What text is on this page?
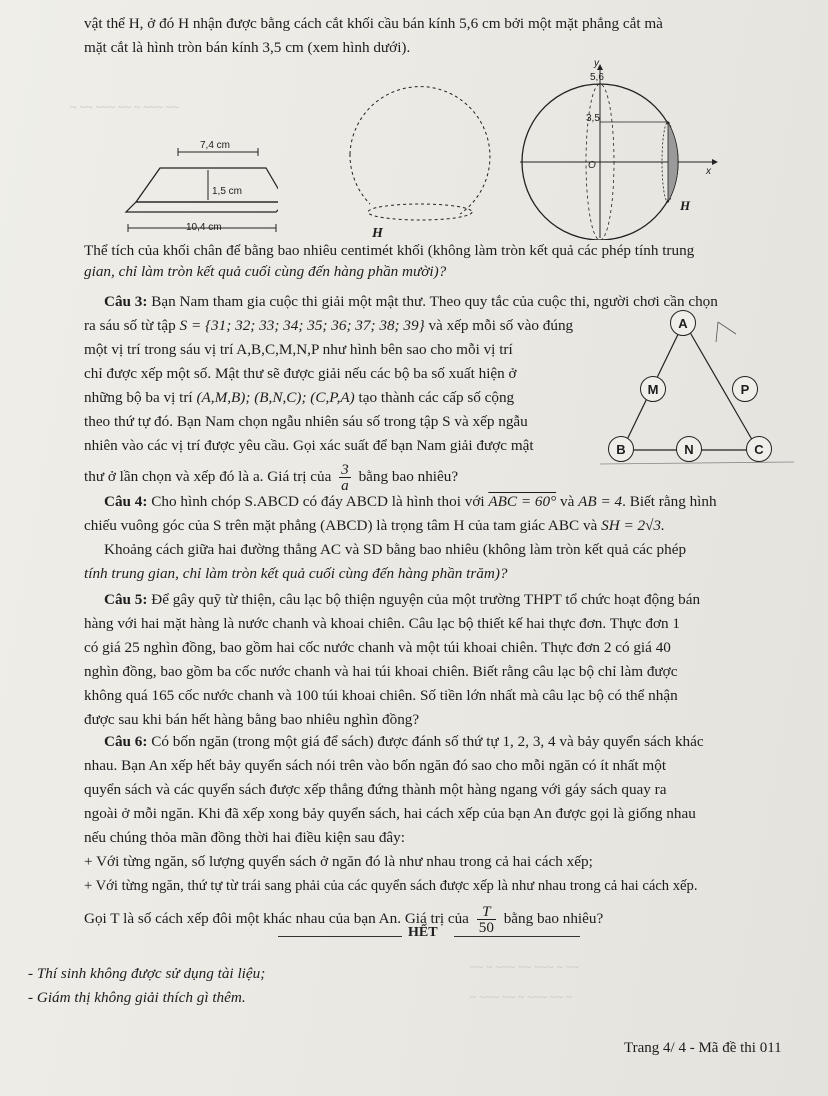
~ ~~ ~~~ ~~ ~ ~~~ ~~
~~ ~ ~~~ ~~ ~~~ ~ ~~
~ ~~~ ~~ ~ ~~~ ~~ ~
vật thể H, ở đó H nhận được bằng cách cắt khối cầu bán kính 5,6 cm bởi một mặt phẳng cắt mà
mặt cắt là hình tròn bán kính 3,5 cm (xem hình dưới).
7,4 cm
1,5 cm
10,4 cm	H
y
5,6
3,5
O
x
H
Thể tích của khối chân để bằng bao nhiêu centimét khối (không làm tròn kết quả các phép tính trung
gian, chỉ làm tròn kết quả cuối cùng đến hàng phần mười)?
Câu 3: Bạn Nam tham gia cuộc thi giải một mật thư. Theo quy tắc của cuộc thi, người chơi cần chọn
ra sáu số từ tập S = {31; 32; 33; 34; 35; 36; 37; 38; 39} và xếp mỗi số vào đúng
một vị trí trong sáu vị trí A,B,C,M,N,P như hình bên sao cho mỗi vị trí
chỉ được xếp một số. Mật thư sẽ được giải nếu các bộ ba số xuất hiện ở
những bộ ba vị trí (A,M,B); (B,N,C); (C,P,A) tạo thành các cấp số cộng
theo thứ tự đó. Bạn Nam chọn ngẫu nhiên sáu số trong tập S và xếp ngẫu
nhiên vào các vị trí được yêu cầu. Gọi xác suất để bạn Nam giải được mật
thư ở lần chọn và xếp đó là a. Giá trị của $\frac{3}{a}$ bằng bao nhiêu?
A
M	P
B	N	C
Câu 4: Cho hình chóp S.ABCD có đáy ABCD là hình thoi với ABC = 60° và AB = 4. Biết rằng hình
chiếu vuông góc của S trên mặt phẳng (ABCD) là trọng tâm H của tam giác ABC và SH = 2√3.
Khoảng cách giữa hai đường thẳng AC và SD bằng bao nhiêu (không làm tròn kết quả các phép
tính trung gian, chỉ làm tròn kết quả cuối cùng đến hàng phần trăm)?
Câu 5: Để gây quỹ từ thiện, câu lạc bộ thiện nguyện của một trường THPT tổ chức hoạt động bán
hàng với hai mặt hàng là nước chanh và khoai chiên. Câu lạc bộ thiết kế hai thực đơn. Thực đơn 1
có giá 25 nghìn đồng, bao gồm hai cốc nước chanh và một túi khoai chiên. Thực đơn 2 có giá 40
nghìn đồng, bao gồm ba cốc nước chanh và hai túi khoai chiên. Biết rằng câu lạc bộ chỉ làm được
không quá 165 cốc nước chanh và 100 túi khoai chiên. Số tiền lớn nhất mà câu lạc bộ có thể nhận
được sau khi bán hết hàng bằng bao nhiêu nghìn đồng?
Câu 6: Có bốn ngăn (trong một giá để sách) được đánh số thứ tự 1, 2, 3, 4 và bảy quyển sách khác
nhau. Bạn An xếp hết bảy quyển sách nói trên vào bốn ngăn đó sao cho mỗi ngăn có ít nhất một
quyển sách và các quyển sách được xếp thẳng đứng thành một hàng ngang với gáy sách quay ra
ngoài ở mỗi ngăn. Khi đã xếp xong bảy quyển sách, hai cách xếp của bạn An được gọi là giống nhau
nếu chúng thỏa mãn đồng thời hai điều kiện sau đây:
+ Với từng ngăn, số lượng quyển sách ở ngăn đó là như nhau trong cả hai cách xếp;
+ Với từng ngăn, thứ tự từ trái sang phải của các quyển sách được xếp là như nhau trong cả hai cách xếp.
Gọi T là số cách xếp đôi một khác nhau của bạn An. Giá trị của $\frac{T}{50}$ bằng bao nhiêu?
HẾT
- Thí sinh không được sử dụng tài liệu;
- Giám thị không giải thích gì thêm.
Trang 4/ 4 - Mã đề thi 011
